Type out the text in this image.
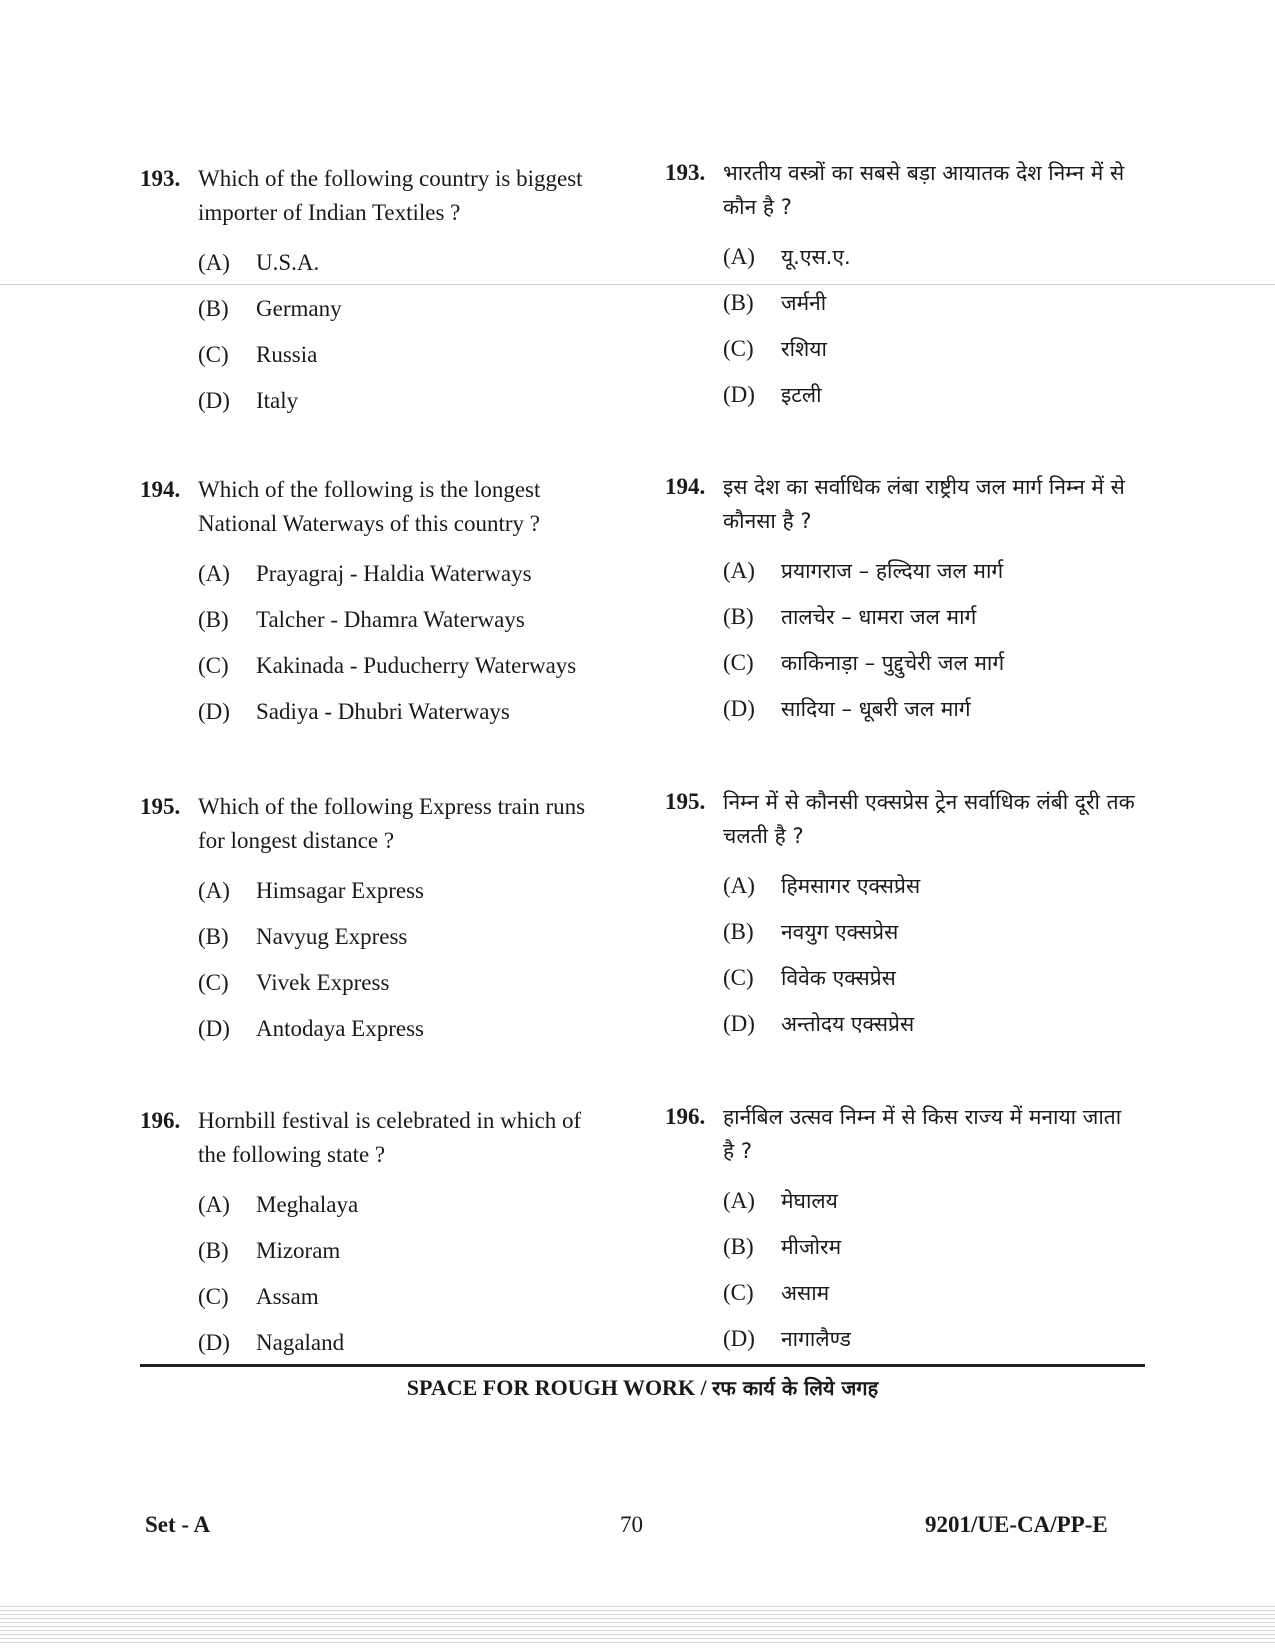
193. Which of the following country is biggest importer of Indian Textiles ?
(A)	U.S.A.
(B)	Germany
(C)	Russia
(D)	Italy
193. भारतीय वस्त्रों का सबसे बड़ा आयातक देश निम्न में से कौन है ?
(A)	यू.एस.ए.
(B)	जर्मनी
(C)	रशिया
(D)	इटली
194. Which of the following is the longest National Waterways of this country ?
(A)	Prayagraj - Haldia Waterways
(B)	Talcher - Dhamra Waterways
(C)	Kakinada - Puducherry Waterways
(D)	Sadiya - Dhubri Waterways
194. इस देश का सर्वाधिक लंबा राष्ट्रीय जल मार्ग निम्न में से कौनसा है ?
(A)	प्रयागराज – हल्दिया जल मार्ग
(B)	तालचेर – धामरा जल मार्ग
(C)	काकिनाड़ा – पुद्दुचेरी जल मार्ग
(D)	सादिया – धूबरी जल मार्ग
195. Which of the following Express train runs for longest distance ?
(A)	Himsagar Express
(B)	Navyug Express
(C)	Vivek Express
(D)	Antodaya Express
195. निम्न में से कौनसी एक्सप्रेस ट्रेन सर्वाधिक लंबी दूरी तक चलती है ?
(A)	हिमसागर एक्सप्रेस
(B)	नवयुग एक्सप्रेस
(C)	विवेक एक्सप्रेस
(D)	अन्तोदय एक्सप्रेस
196. Hornbill festival is celebrated in which of the following state ?
(A)	Meghalaya
(B)	Mizoram
(C)	Assam
(D)	Nagaland
196. हार्नबिल उत्सव निम्न में से किस राज्य में मनाया जाता है ?
(A)	मेघालय
(B)	मीजोरम
(C)	असाम
(D)	नागालैण्ड
SPACE FOR ROUGH WORK / रफ कार्य के लिये जगह
Set - A	70	9201/UE-CA/PP-E
